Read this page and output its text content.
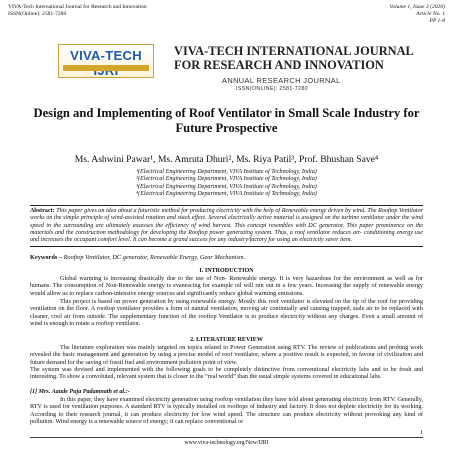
VIVA-Tech International Journal for Research and Innovation
ISSN(Online): 2581-7280
Volume 1, Issue 3 (2020)
Article No. 1
PP 1-8
VIVA-TECH	VIVA-TECH INTERNATIONAL JOURNAL
FOR RESEARCH AND INNOVATION
ANNUAL RESEARCH JOURNAL
ISSN(ONLINE): 2581-7280
Design and Implementing of Roof Ventilator in Small Scale Industry for Future Prospective
Ms. Ashwini Pawar¹, Ms. Amruta Dhuri², Ms. Riya Patil³, Prof. Bhushan Save⁴
¹(Electrical Engineering Department, VIVA Institute of Technology, India)
²(Electrical Engineering Department, VIVA Institute of Technology, India)
³(Electrical Engineering Department, VIVA Institute of Technology, India)
⁴(Electrical Engineering Department, VIVA Institute of Technology, India)
Abstract: This paper gives an idea about a futuristic method for producing electricity with the help of Renewable energy driven by wind. The Rooftop Ventilator works on the simple principle of wind-assisted rotation and stack effect. Several electrically active material is assigned on the turbine ventilator under the wind speed in the surrounding are ultimately assesses the efficiency of wind harvest. This concept resembles with DC generator. This paper prominence on the materials and the construction methodology for developing the Rooftop power generating system. Thus, a roof ventilator reduces air- conditioning energy use and increases the occupant comfort level. It can become a grand success for any industry/factory for using an electricity saver item.
Keywords – Rooftop Ventilator, DC generator, Renewable Energy, Gear Mechanism.
I. INTRODUCTION
Global warming is increasing drastically due to the use of Non- Renewable energy. It is very hazardous for the environment as well as for humans. The consumption of Non-Renewable energy is evanescing for example oil will run out in a few years. Increasing the supply of renewable energy would allow us to replace carbon-intensive energy sources and significantly reduce global warming emissions.
This project is based on power generation by using renewable energy. Mostly this roof ventilator is elevated on the tip of the roof for providing ventilation on the floor. A rooftop ventilator provides a form of natural ventilation, moving air continually and causing trapped, stale air to be replaced with cleaner, cool air from outside. The supplementary function of the rooftop Ventilator is to produce electricity without any charges. Even a small amount of wind is enough to rotate a rooftop ventilator.
2. LITERATURE REVIEW
The literature exploration was mainly targeted on topics related to Power Generation using RTV. The review of publications and probing work revealed the basic management and generation by using a precise model of roof ventilator, where a positive result is expected, in favour of civilization and future demand for the saving of fossil fuel and environment pollution point of view.
The system was devised and implemented with the following goals to be completely distinctive from conventional electricity labs and to be fresh and interesting. To show a convoluted, relevant system that is closer to the “real world” than the usual simple systems covered in educational labs.
[1] Mrs. Aaude Puja Padamnath et al.:-
In this paper, they have examined electricity generation using rooftop ventilation they have told about generating electricity from RTV. Generally, RTV is used for ventilation purposes. A standard RTV is typically installed on rooftops of industry and factory. It does not deplete electricity for its working. According to their research journal, it can produce electricity for low wind speed. The structure can produce electricity without provoking any kind of pollution. Wind energy is a renewable source of energy; it can replace conventional or
1
www.viva-technology.org/New/IJRI
